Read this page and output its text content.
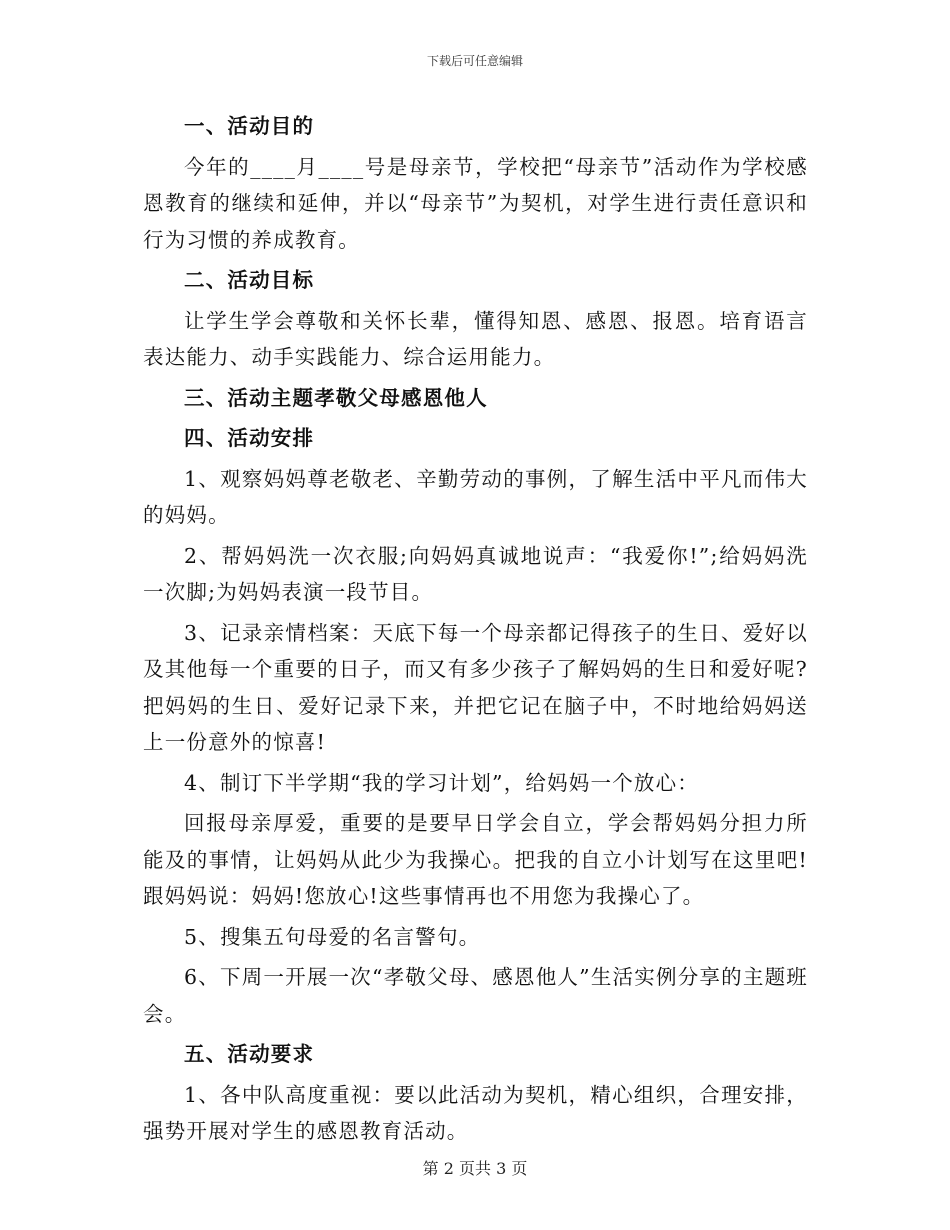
下载后可任意编辑

一、活动目的

今年的____月____号是母亲节，学校把“母亲节”活动作为学校感恩教育的继续和延伸，并以“母亲节”为契机，对学生进行责任意识和行为习惯的养成教育。

二、活动目标

让学生学会尊敬和关怀长辈，懂得知恩、感恩、报恩。培育语言表达能力、动手实践能力、综合运用能力。

三、活动主题孝敬父母感恩他人

四、活动安排

1、观察妈妈尊老敬老、辛勤劳动的事例，了解生活中平凡而伟大的妈妈。

2、帮妈妈洗一次衣服;向妈妈真诚地说声：“我爱你!”;给妈妈洗一次脚;为妈妈表演一段节目。

3、记录亲情档案：天底下每一个母亲都记得孩子的生日、爱好以及其他每一个重要的日子，而又有多少孩子了解妈妈的生日和爱好呢?把妈妈的生日、爱好记录下来，并把它记在脑子中，不时地给妈妈送上一份意外的惊喜!

4、制订下半学期“我的学习计划”，给妈妈一个放心：

回报母亲厚爱，重要的是要早日学会自立，学会帮妈妈分担力所能及的事情，让妈妈从此少为我操心。把我的自立小计划写在这里吧!跟妈妈说：妈妈!您放心!这些事情再也不用您为我操心了。

5、搜集五句母爱的名言警句。

6、下周一开展一次“孝敬父母、感恩他人”生活实例分享的主题班会。

五、活动要求

1、各中队高度重视：要以此活动为契机，精心组织，合理安排，强势开展对学生的感恩教育活动。

第 2 页共 3 页
